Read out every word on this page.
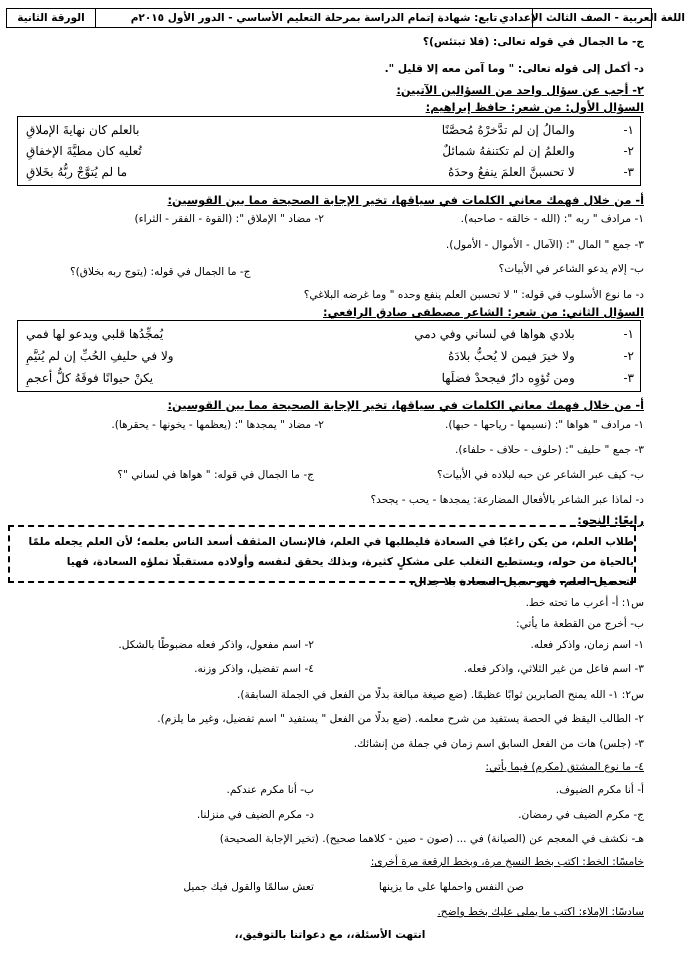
اللغة العربية - الصف الثالث الإعدادي
تابع: شهادة إتمام الدراسة بمرحلة التعليم الأساسي - الدور الأول ٢٠١٥م
الورقة الثانية
ج- ما الجمال في قوله تعالى: (فلا تبتئس)؟
د- أكمل إلى قوله تعالى: " وما آمن معه إلا قليل ".
٢- أجب عن سؤال واحد من السؤالين الآتيين:
السؤال الأول: من شعر: حافظ إبراهيم:
١-
والمالُ إن لم تدَّخرْهُ مُحصَّنًا
بالعلم كان نهايةَ الإملاقِ
٢-
والعلمُ إن لم تكتنفهُ شمائلٌ
تُعليه كان مطيَّةَ الإخفاقِ
٣-
لا تحسبنَّ العلمَ ينفعُ وحدَهُ
ما لم يُتوَّجْ ربُّهُ بخَلاقِ
أ- من خلال فهمك معاني الكلمات في سياقها، تخير الإجابة الصحيحة مما بين القوسين:
١- مرادف " ربه ": (الله - خالقه - صاحبه).
٢- مضاد " الإملاق ": (القوة - الفقر - الثراء)
٣- جمع " المال ": (الآمال - الأموال - الأمول).
ب- إلام يدعو الشاعر في الأبيات؟
ج- ما الجمال في قوله: (يتوج ربه بخلاق)؟
د- ما نوع الأسلوب في قوله: " لا تحسبن العلم ينفع وحده " وما غرضه البلاغي؟
السؤال الثاني: من شعر: الشاعر مصطفى صادق الرافعي:
١-
بلادي هواها في لساني وفي دمي
يُمجِّدُها قلبي ويدعو لها فمي
٢-
ولا خيرَ فيمن لا يُحبُّ بلادَهُ
ولا في حليفِ الحُبِّ إن لم يُتيَّمِ
٣-
ومن تُؤوِه دارٌ فيجحدْ فضلَها
يكنْ حيوانًا فوقَهُ كلُّ أعجمِ
أ- من خلال فهمك معاني الكلمات في سياقها، تخير الإجابة الصحيحة مما بين القوسين:
١- مرادف " هواها ": (نسيمها - رياحها - حبها).
٢- مضاد " يمجدها ": (يعظمها - يخونها - يحقرها).
٣- جمع " حليف ": (حلوف - حلاف - حلفاء).
ب- كيف عبر الشاعر عن حبه لبلاده في الأبيات؟
ج- ما الجمال في قوله: " هواها في لساني "؟
د- لماذا عبر الشاعر بالأفعال المضارعة: يمجدها - يحب - يجحد؟
رابعًا: النحو:
طلاب العلم، من يكن راغبًا في السعادة فليطلبها في العلم، فالإنسان المثقف أسعد الناس بعلمه؛ لأن العلم يجعله ملمًا بالحياة من حوله، ويستطيع التغلب على مشكلٍ كثيرة، وبذلك يحقق لنفسه وأولاده مستقبلًا تملؤه السعادة، فهيا لتحصيل العلم، فهو سبيل السعادة بلا جدال.
س١: أ- أعرب ما تحته خط.
ب- أخرج من القطعة ما يأتي:
١- اسم زمان، واذكر فعله.
٢- اسم مفعول، واذكر فعله مضبوطًا بالشكل.
٣- اسم فاعل من غير الثلاثي، واذكر فعله.
٤- اسم تفضيل، واذكر وزنه.
س٢: ١- الله يمنح الصابرين ثوابًا عظيمًا. (ضع صيغة مبالغة بدلًا من الفعل في الجملة السابقة).
٢- الطالب اليقظ في الحصة يستفيد من شرح معلمه. (ضع بدلًا من الفعل " يستفيد " اسم تفضيل، وغير ما يلزم).
٣- (جلس) هات من الفعل السابق اسم زمان في جملة من إنشائك.
٤- ما نوع المشتق (مكرم) فيما يأتي:
أ- أنا مكرم الضيوف.
ب- أنا مكرم عندكم.
ج- مكرم الضيف في رمضان.
د- مكرم الضيف في منزلنا.
هـ- نكشف في المعجم عن (الصيانة) في ... (صون - صين - كلاهما صحيح). (تخير الإجابة الصحيحة)
خامسًا: الخط: اكتب بخط النسخ مرة، وبخط الرقعة مرة أخرى:
صن النفس واحملها على ما يزينها
تعش سالمًا والقول فيك جميل
سادسًا: الإملاء: اكتب ما يملى عليك بخط واضح.
انتهت الأسئلة،، مع دعواتنا بالتوفيق،،
